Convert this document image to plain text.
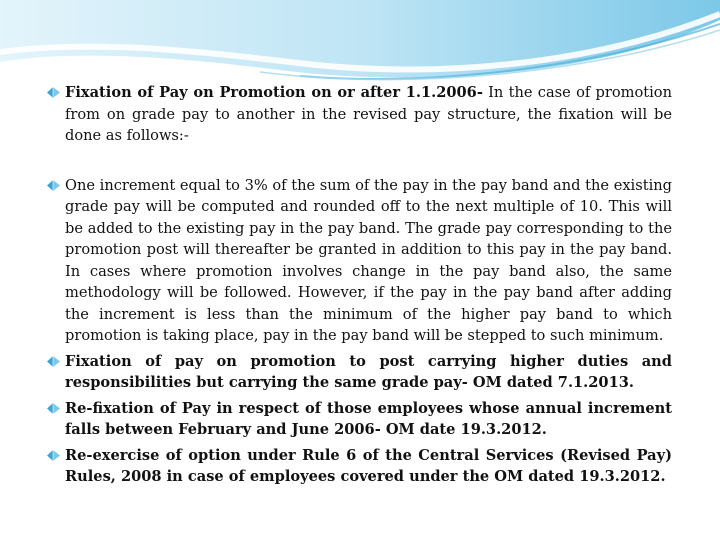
Fixation of Pay on Promotion on or after 1.1.2006- In the case of promotion from on grade pay to another in the revised pay structure, the fixation will be done as follows:-

One increment equal to 3% of the sum of the pay in the pay band and the existing grade pay will be computed and rounded off to the next multiple of 10. This will be added to the existing pay in the pay band. The grade pay corresponding to the promotion post will thereafter be granted in addition to this pay in the pay band. In cases where promotion involves change in the pay band also, the same methodology will be followed. However, if the pay in the pay band after adding the increment is less than the minimum of the higher pay band to which promotion is taking place, pay in the pay band will be stepped to such minimum.

Fixation of pay on promotion to post carrying higher duties and responsibilities but carrying the same grade pay- OM dated 7.1.2013.

Re-fixation of Pay in respect of those employees whose annual increment falls between February and June 2006- OM date 19.3.2012.

Re-exercise of option under Rule 6 of the Central Services (Revised Pay) Rules, 2008 in case of employees covered under the OM dated 19.3.2012.
